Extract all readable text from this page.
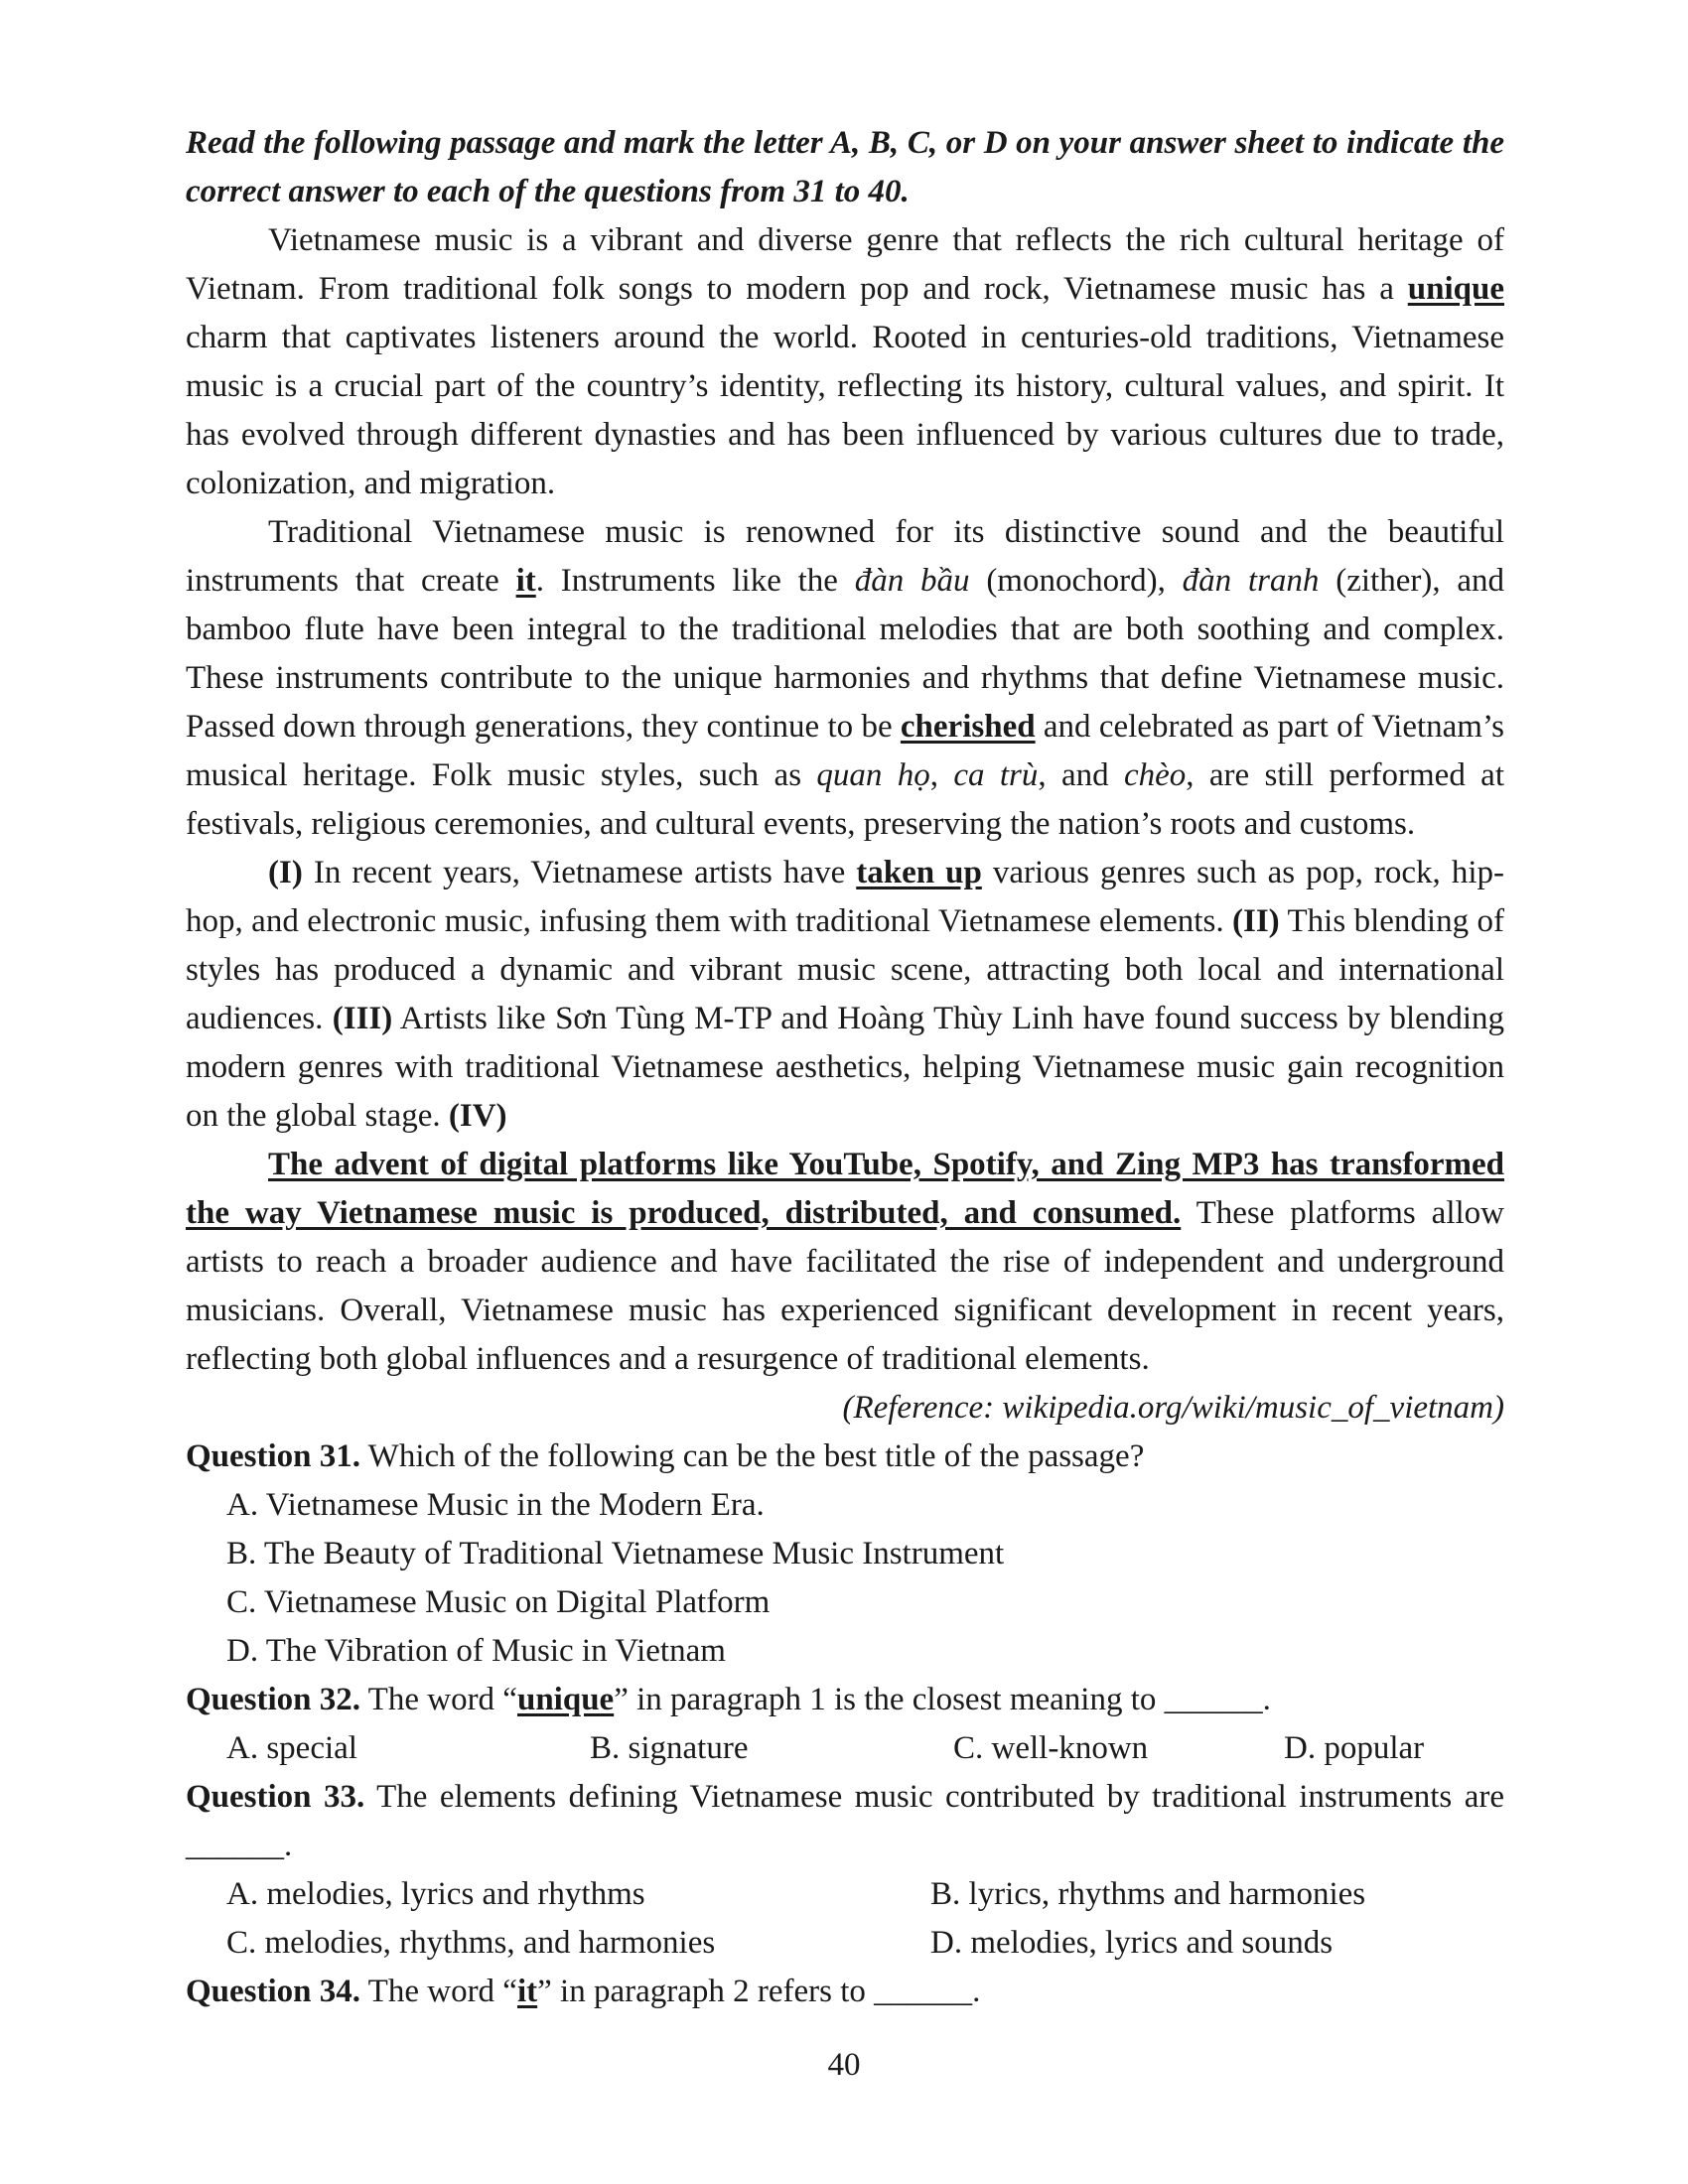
Read the following passage and mark the letter A, B, C, or D on your answer sheet to indicate the correct answer to each of the questions from 31 to 40.

Vietnamese music is a vibrant and diverse genre that reflects the rich cultural heritage of Vietnam. From traditional folk songs to modern pop and rock, Vietnamese music has a unique charm that captivates listeners around the world. Rooted in centuries-old traditions, Vietnamese music is a crucial part of the country’s identity, reflecting its history, cultural values, and spirit. It has evolved through different dynasties and has been influenced by various cultures due to trade, colonization, and migration.

Traditional Vietnamese music is renowned for its distinctive sound and the beautiful instruments that create it. Instruments like the đàn bầu (monochord), đàn tranh (zither), and bamboo flute have been integral to the traditional melodies that are both soothing and complex. These instruments contribute to the unique harmonies and rhythms that define Vietnamese music. Passed down through generations, they continue to be cherished and celebrated as part of Vietnam’s musical heritage. Folk music styles, such as quan họ, ca trù, and chèo, are still performed at festivals, religious ceremonies, and cultural events, preserving the nation’s roots and customs.

(I) In recent years, Vietnamese artists have taken up various genres such as pop, rock, hip-hop, and electronic music, infusing them with traditional Vietnamese elements. (II) This blending of styles has produced a dynamic and vibrant music scene, attracting both local and international audiences. (III) Artists like Sơn Tùng M-TP and Hoàng Thùy Linh have found success by blending modern genres with traditional Vietnamese aesthetics, helping Vietnamese music gain recognition on the global stage. (IV)

The advent of digital platforms like YouTube, Spotify, and Zing MP3 has transformed the way Vietnamese music is produced, distributed, and consumed. These platforms allow artists to reach a broader audience and have facilitated the rise of independent and underground musicians. Overall, Vietnamese music has experienced significant development in recent years, reflecting both global influences and a resurgence of traditional elements.

(Reference: wikipedia.org/wiki/music_of_vietnam)

Question 31. Which of the following can be the best title of the passage?

A. Vietnamese Music in the Modern Era.

B. The Beauty of Traditional Vietnamese Music Instrument

C. Vietnamese Music on Digital Platform

D. The Vibration of Music in Vietnam

Question 32. The word “unique” in paragraph 1 is the closest meaning to ______.

A. special	B. signature	C. well-known	D. popular

Question 33. The elements defining Vietnamese music contributed by traditional instruments are ______.

A. melodies, lyrics and rhythms	B. lyrics, rhythms and harmonies
C. melodies, rhythms, and harmonies	D. melodies, lyrics and sounds

Question 34. The word “it” in paragraph 2 refers to ______.

40
